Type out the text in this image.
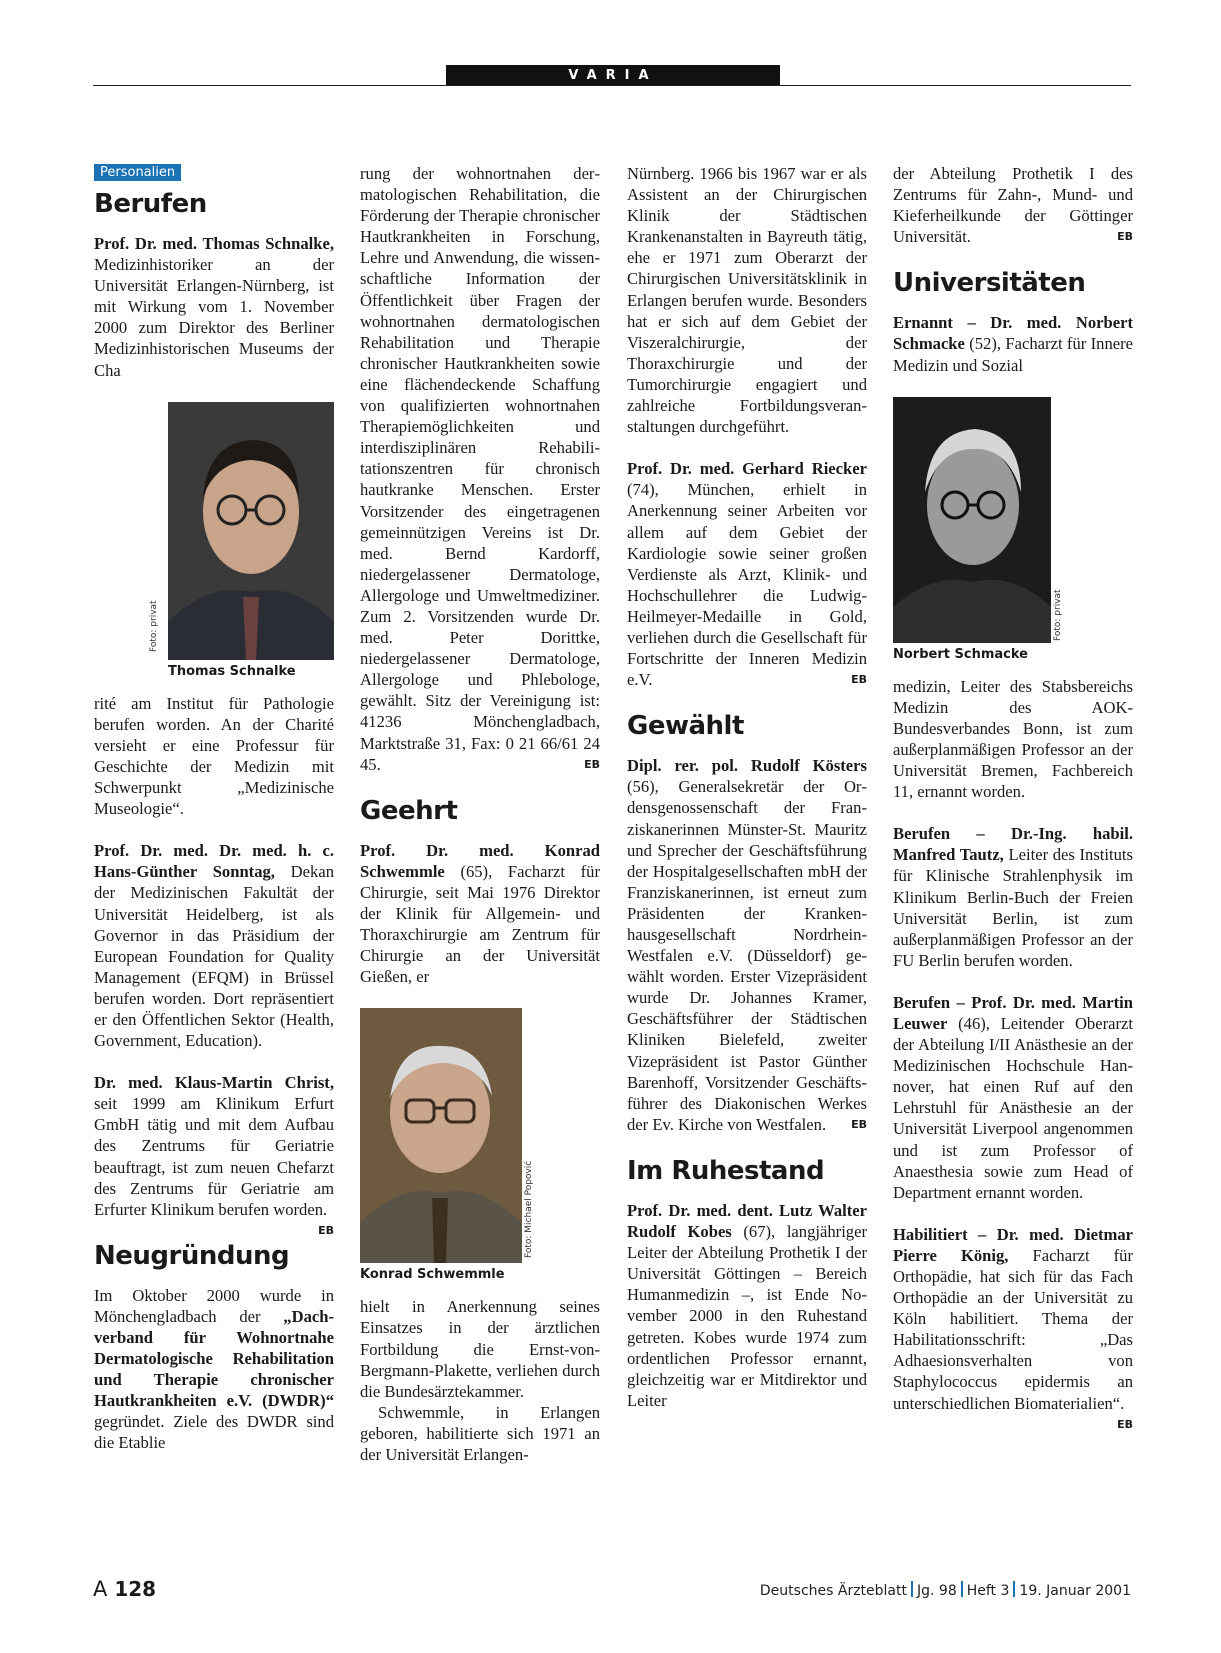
VARIA
Personalien
Berufen

Prof. Dr. med. Thomas Schnalke, Medizinhistoriker an der Universität Erlangen-Nürnberg, ist mit Wirkung vom 1. November 2000 zum Direktor des Berliner Medizinhistorischen Museums der Cha

Foto: privat
Thomas Schnalke

rité am Institut für Pathologie berufen worden. An der Charité versieht er eine Professur für Geschichte der Medizin mit Schwerpunkt „Medizinische Museologie“.

Prof. Dr. med. Dr. med. h. c. Hans-Günther Sonntag, Dekan der Medizinischen Fakultät der Universität Heidelberg, ist als Governor in das Präsidium der European Foundation for Quality Management (EFQM) in Brüssel berufen worden. Dort repräsentiert er den Öffentlichen Sektor (Health, Government, Education).

Dr. med. Klaus-Martin Christ, seit 1999 am Klinikum Erfurt GmbH tätig und mit dem Aufbau des Zentrums für Geriatrie beauftragt, ist zum neuen Chefarzt des Zentrums für Geriatrie am Erfurter Klinikum berufen worden.
EB

Neugründung

Im Oktober 2000 wurde in Mönchengladbach der „Dachverband für Wohnortnahe Dermatologische Rehabilitation und Therapie chronischer Hautkrankheiten e.V. (DWDR)“ gegründet. Ziele des DWDR sind die Etablie

rung der wohnortnahen dermatologischen Rehabilitation, die Förderung der Therapie chronischer Hautkrankheiten in Forschung, Lehre und Anwendung, die wissenschaftliche Information der Öffentlichkeit über Fragen der wohnortnahen dermatologischen Rehabilitation und Therapie chronischer Hautkrankheiten sowie eine flächendeckende Schaffung von qualifizierten wohnortnahen Therapiemöglichkeiten und interdisziplinären Rehabilitationszentren für chronisch hautkranke Menschen. Erster Vorsitzender des eingetragenen gemeinnützigen Vereins ist Dr. med. Bernd Kardorff, niedergelassener Dermatologe, Allergologe und Umweltmediziner. Zum 2. Vorsitzenden wurde Dr. med. Peter Dorittke, niedergelassener Dermatologe, Allergologe und Phlebologe, gewählt. Sitz der Vereinigung ist: 41236 Mönchengladbach, Marktstraße 31, Fax: 0 21 66/61 24 45.	EB

Geehrt

Prof. Dr. med. Konrad Schwemmle (65), Facharzt für Chirurgie, seit Mai 1976 Direktor der Klinik für Allgemein- und Thoraxchirurgie am Zentrum für Chirurgie an der Universität Gießen, er

Foto: Michael Popović
Konrad Schwemmle

hielt in Anerkennung seines Einsatzes in der ärztlichen Fortbildung die Ernst-von-Bergmann-Plakette, verliehen durch die Bundesärztekammer.

Schwemmle, in Erlangen geboren, habilitierte sich 1971 an der Universität Erlangen-

Nürnberg. 1966 bis 1967 war er als Assistent an der Chirurgischen Klinik der Städtischen Krankenanstalten in Bayreuth tätig, ehe er 1971 zum Oberarzt der Chirurgischen Universitätsklinik in Erlangen berufen wurde. Besonders hat er sich auf dem Gebiet der Viszeralchirurgie, der Thoraxchirurgie und der Tumorchirurgie engagiert und zahlreiche Fortbildungsveranstaltungen durchgeführt.

Prof. Dr. med. Gerhard Riecker (74), München, erhielt in Anerkennung seiner Arbeiten vor allem auf dem Gebiet der Kardiologie sowie seiner großen Verdienste als Arzt, Klinik- und Hochschullehrer die Ludwig-Heilmeyer-Medaille in Gold, verliehen durch die Gesellschaft für Fortschritte der Inneren Medizin e.V.	EB

Gewählt

Dipl. rer. pol. Rudolf Kösters (56), Generalsekretär der Ordensgenossenschaft der Franziskanerinnen Münster-St. Mauritz und Sprecher der Geschäftsführung der Hospitalgesellschaften mbH der Franziskanerinnen, ist erneut zum Präsidenten der Krankenhausgesellschaft Nordrhein-Westfalen e.V. (Düsseldorf) gewählt worden. Erster Vizepräsident wurde Dr. Johannes Kramer, Geschäftsführer der Städtischen Kliniken Bielefeld, zweiter Vizepräsident ist Pastor Günther Barenhoff, Vorsitzender Geschäftsführer des Diakonischen Werkes der Ev. Kirche von Westfalen. EB

Im Ruhestand

Prof. Dr. med. dent. Lutz Walter Rudolf Kobes (67), langjähriger Leiter der Abteilung Prothetik I der Universität Göttingen – Bereich Humanmedizin –, ist Ende November 2000 in den Ruhestand getreten. Kobes wurde 1974 zum ordentlichen Professor ernannt, gleichzeitig war er Mitdirektor und Leiter

der Abteilung Prothetik I des Zentrums für Zahn-, Mund- und Kieferheilkunde der Göttinger Universität.	EB

Universitäten

Ernannt – Dr. med. Norbert Schmacke (52), Facharzt für Innere Medizin und Sozial

Foto: privat
Norbert Schmacke

medizin, Leiter des Stabsbereichs Medizin des AOK-Bundesverbandes Bonn, ist zum außerplanmäßigen Professor an der Universität Bremen, Fachbereich 11, ernannt worden.

Berufen – Dr.-Ing. habil. Manfred Tautz, Leiter des Instituts für Klinische Strahlenphysik im Klinikum Berlin-Buch der Freien Universität Berlin, ist zum außerplanmäßigen Professor an der FU Berlin berufen worden.

Berufen – Prof. Dr. med. Martin Leuwer (46), Leitender Oberarzt der Abteilung I/II Anästhesie an der Medizinischen Hochschule Hannover, hat einen Ruf auf den Lehrstuhl für Anästhesie an der Universität Liverpool angenommen und ist zum Professor of Anaesthesia sowie zum Head of Department ernannt worden.

Habilitiert – Dr. med. Dietmar Pierre König, Facharzt für Orthopädie, hat sich für das Fach Orthopädie an der Universität zu Köln habilitiert. Thema der Habilitationsschrift: „Das Adhaesionsverhalten von Staphylococcus epidermis an unterschiedlichen Biomaterialien“.
EB

A 128	Deutsches Ärzteblatt Jg. 98 Heft 3 19. Januar 2001
